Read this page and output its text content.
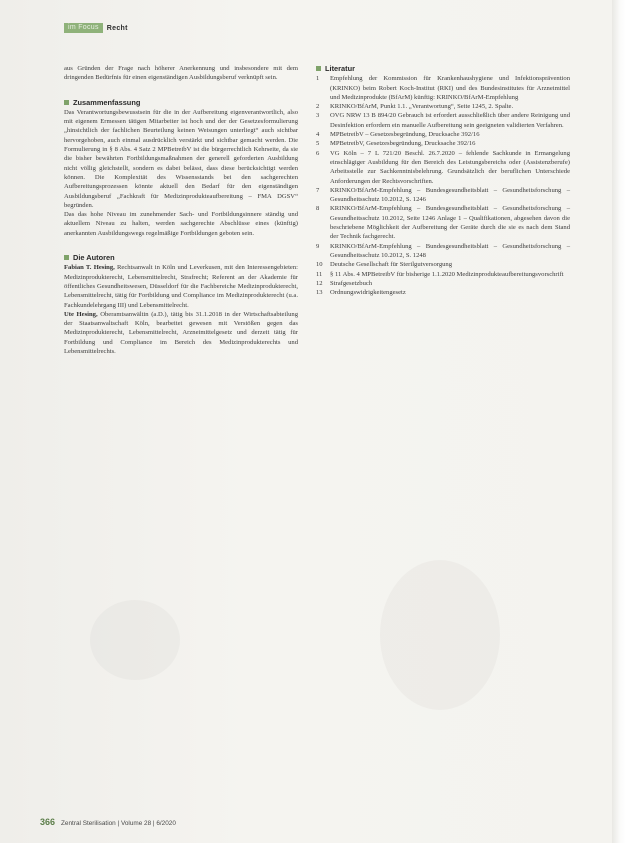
im Focus	Recht

aus Gründen der Frage nach höherer Anerkennung und insbesondere mit dem dringenden Bedürfnis für einen eigenständigen Ausbildungsberuf verknüpft sein.

Zusammenfassung

Das Verantwortungsbewusstsein für die in der Aufbereitung eigenverantwortlich, also mit eigenem Ermessen tätigen Mitarbeiter ist hoch und der der Gesetzesformulierung „hinsichtlich der fachlichen Beurteilung keinen Weisungen unterliegt“ auch sichtbar hervorgehoben, auch einmal ausdrücklich verstärkt und sichtbar gemacht werden. Die Formulierung in § 8 Abs. 4 Satz 2 MPBetreibV ist die bürgerrechtlich Kehrseite, da sie die bisher bewährten Fortbildungsmaßnahmen der generell geforderten Ausbildung nicht völlig gleichstellt, sondern es dabei belässt, dass diese berücksichtigt werden können. Die Komplexität des Wissensstands bei den sachgerechten Aufbereitungsprozessen könnte aktuell den Bedarf für den eigenständigen Ausbildungsberuf „Fachkraft für Medizinprodukteaufbereitung – FMA DGSV“ begründen.

Das das hohe Niveau im zunehmender Sach- und Fortbildungsinnere ständig und aktuellem Niveau zu halten, werden sachgerechte Abschlüsse eines (künftig) anerkannten Ausbildungswegs regelmäßige Fortbildungen geboten sein.

Die Autoren

Fabian T. Hesing, Rechtsanwalt in Köln und Leverkusen, mit den Interessengebieten: Medizinprodukterecht, Lebensmittelrecht, Strafrecht; Referent an der Akademie für öffentliches Gesundheitswesen, Düsseldorf für die Fachbereiche Medizinprodukterecht, Lebensmittelrecht, tätig für Fortbildung und Compliance im Medizinprodukterecht (u.a. Fachkundelehrgang III) und Lebensmittelrecht.

Ute Hesing, Oberamtsanwältin (a.D.), tätig bis 31.1.2018 in der Wirtschaftsabteilung der Staatsanwaltschaft Köln, bearbeitet gewesen mit Verstößen gegen das Medizinprodukterecht, Lebensmittelrecht, Arzneimittelgesetz und derzeit tätig für Fortbildung und Compliance im Bereich des Medizinprodukterechts und Lebensmittelrechts.

Literatur
1	Empfehlung der Kommission für Krankenhaushygiene und Infektionsprävention (KRINKO) beim Robert Koch-Institut (RKI) und des Bundesinstitutes für Arzneimittel und Medizinprodukte (BfArM) künftig: KRINKO/BfArM-Empfehlung
2	KRINKO/BfArM, Punkt 1.1. „Verantwortung“, Seite 1245, 2. Spalte.
3	OVG NRW 13 B 894/20 Gebrauch ist erfordert ausschließlich über andere Reinigung und Desinfektion erfordern ein manuelle Aufbereitung sein geeigneten validierten Verfahren.
4	MPBetreibV – Gesetzesbegründung, Drucksache 392/16
5	MPBetreibV, Gesetzesbegründung, Drucksache 392/16
6	VG Köln – 7 L 721/20 Beschl. 26.7.2020 – fehlende Sachkunde in Ermangelung einschlägiger Ausbildung für den Bereich des Leistungsbereichs oder (Assistenzberufe) Arbeitsstelle zur Sachkenntnisbelehrung. Grundsätzlich der beruflichen Unterschiede Anforderungen der Rechtsvorschriften.
7	KRINKO/BfArM-Empfehlung – Bundesgesundheitsblatt – Gesundheitsforschung – Gesundheitsschutz 10.2012, S. 1246
8	KRINKO/BfArM-Empfehlung – Bundesgesundheitsblatt – Gesundheitsforschung – Gesundheitsschutz 10.2012, Seite 1246 Anlage 1 – Qualifikationen, abgesehen davon die beschriebene Möglichkeit der Aufbereitung der Geräte durch die sie es nach dem Stand der Technik fachgerecht.
9	KRINKO/BfArM-Empfehlung – Bundesgesundheitsblatt – Gesundheitsforschung – Gesundheitsschutz 10.2012, S. 1248
10	Deutsche Gesellschaft für Sterilgutversorgung
11	§ 11 Abs. 4 MPBetreibV für bisherige 1.1.2020 Medizinprodukteaufbereitungsvorschrift
12	Strafgesetzbuch
13	Ordnungswidrigkeitengesetz
366 Zentral Sterilisation | Volume 28 | 6/2020
